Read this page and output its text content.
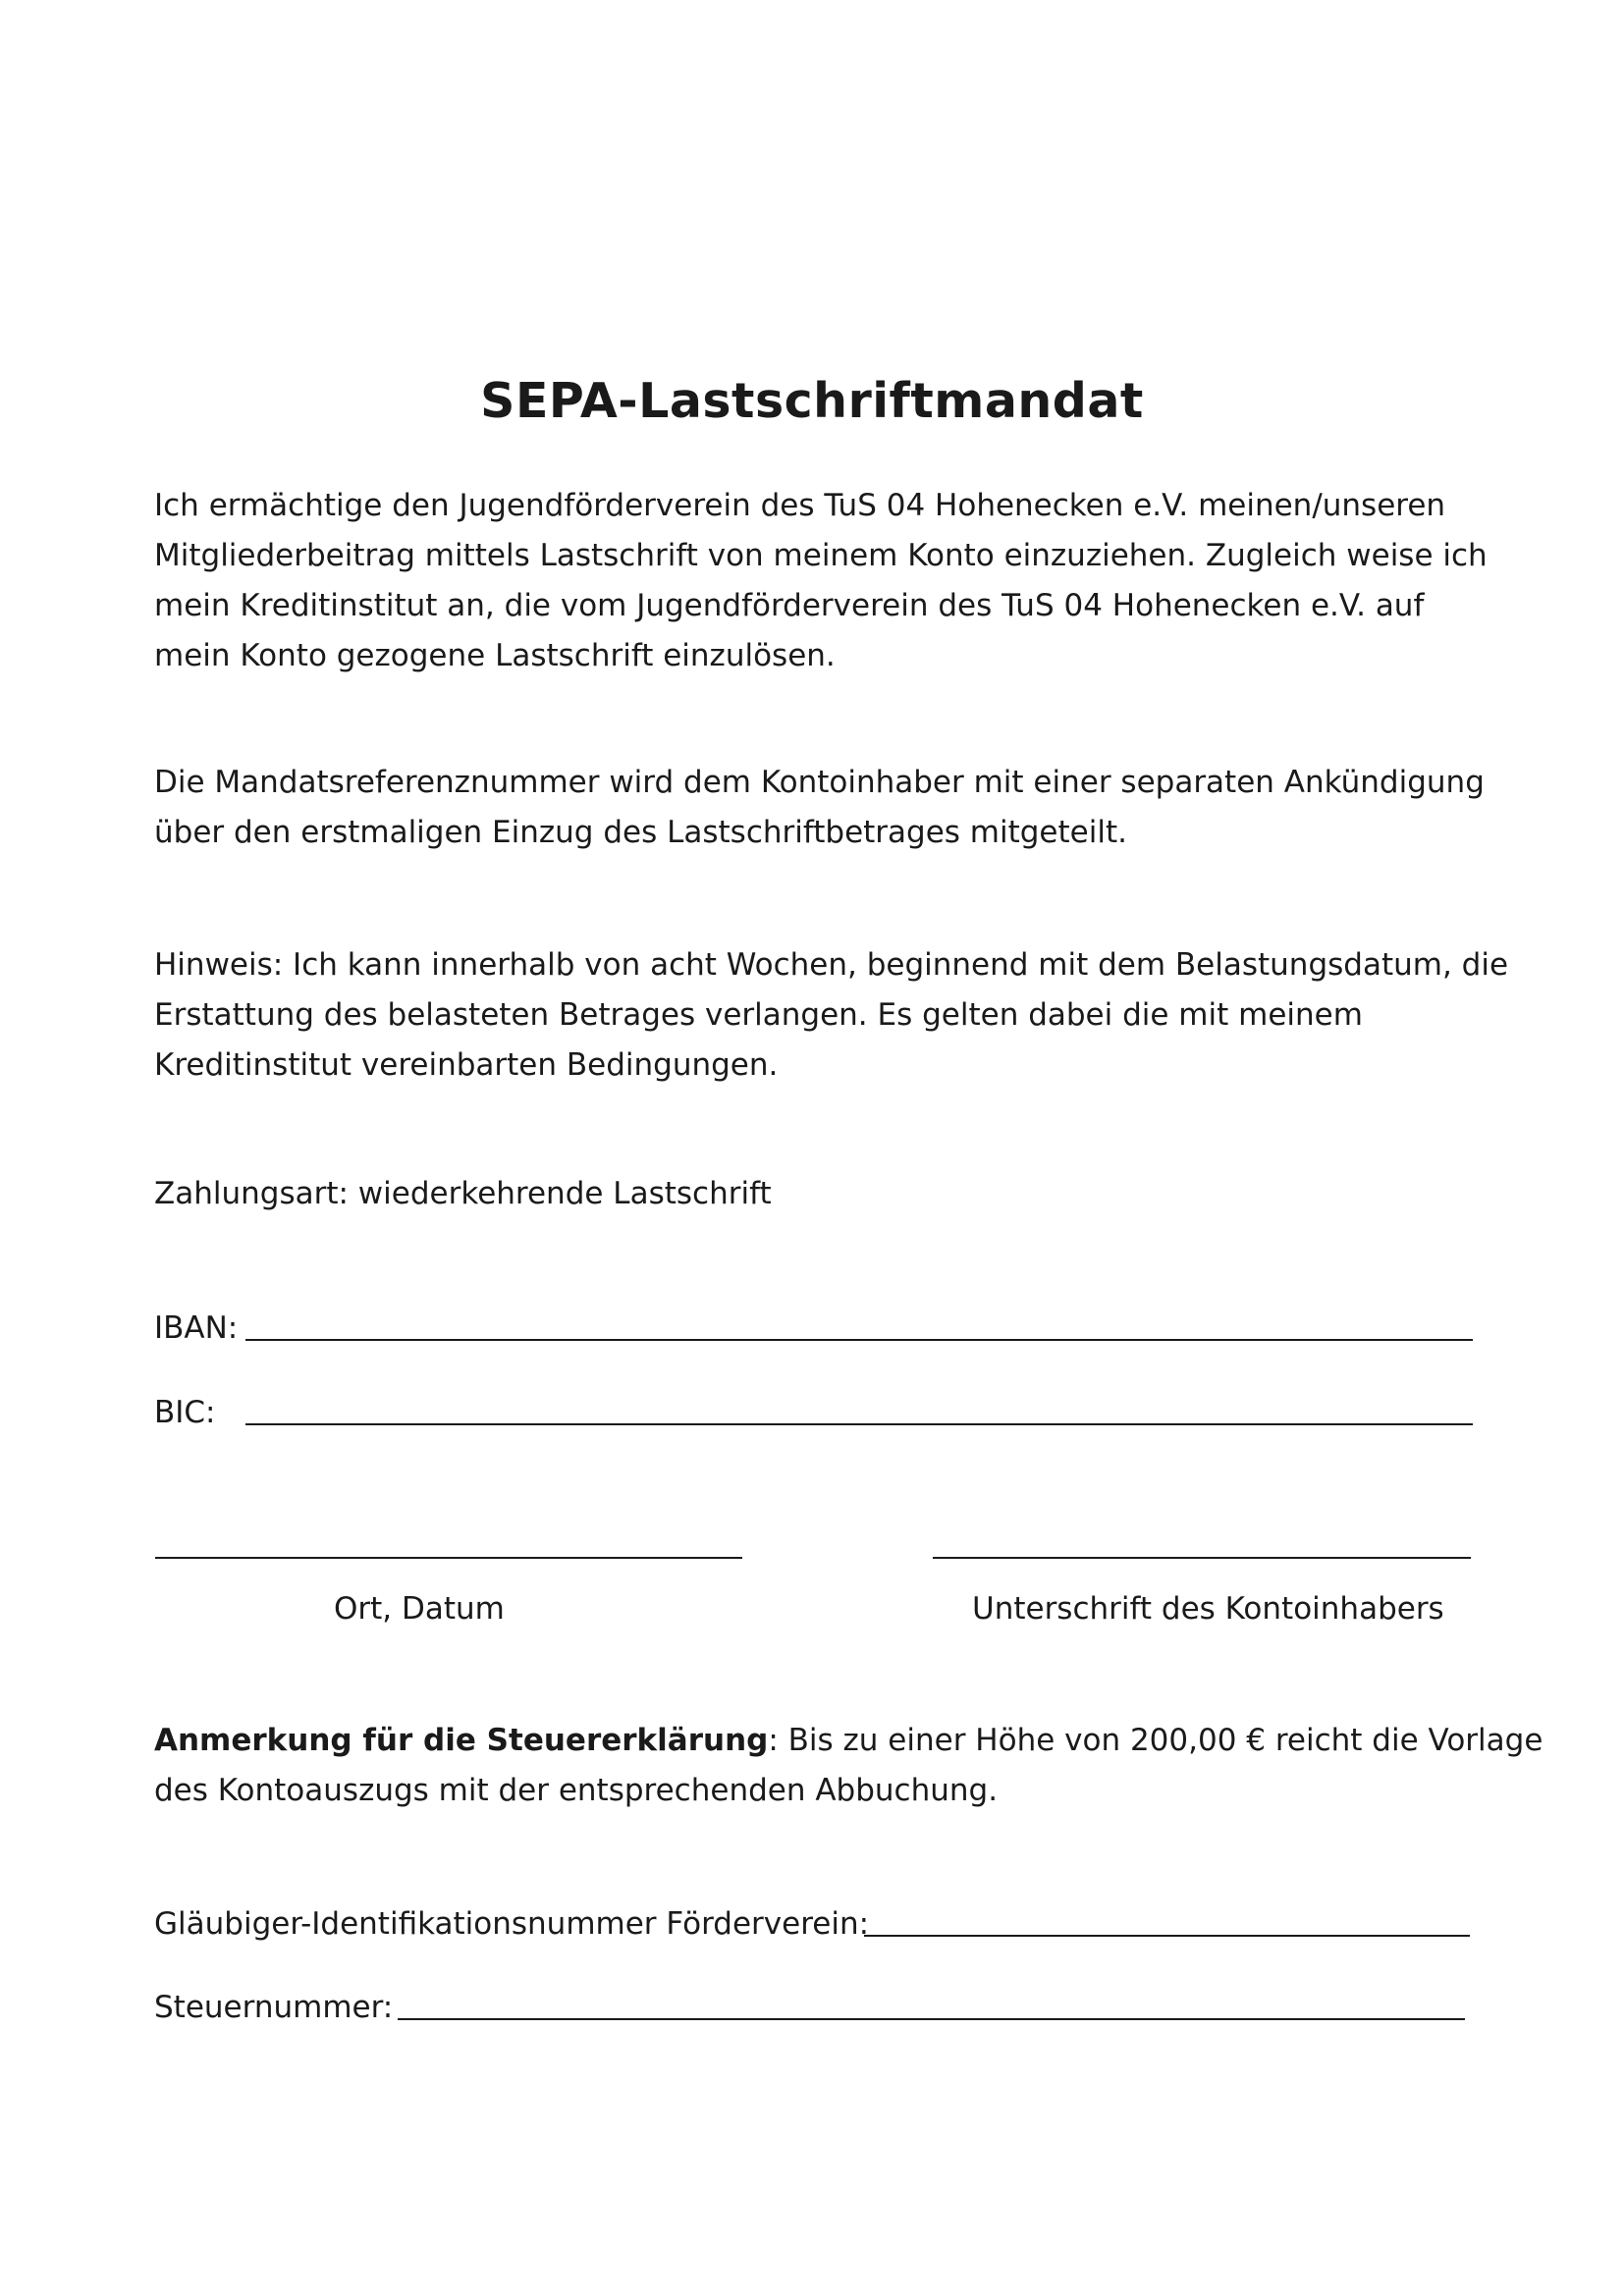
SEPA-Lastschriftmandat
Ich ermächtige den Jugendförderverein des TuS 04 Hohenecken e.V. meinen/unseren
Mitgliederbeitrag mittels Lastschrift von meinem Konto einzuziehen. Zugleich weise ich
mein Kreditinstitut an, die vom Jugendförderverein des TuS 04 Hohenecken e.V. auf
mein Konto gezogene Lastschrift einzulösen.
Die Mandatsreferenznummer wird dem Kontoinhaber mit einer separaten Ankündigung
über den erstmaligen Einzug des Lastschriftbetrages mitgeteilt.
Hinweis: Ich kann innerhalb von acht Wochen, beginnend mit dem Belastungsdatum, die
Erstattung des belasteten Betrages verlangen. Es gelten dabei die mit meinem
Kreditinstitut vereinbarten Bedingungen.
Zahlungsart: wiederkehrende Lastschrift
IBAN:
BIC:
Ort, Datum	Unterschrift des Kontoinhabers
Anmerkung für die Steuererklärung: Bis zu einer Höhe von 200,00 € reicht die Vorlage
des Kontoauszugs mit der entsprechenden Abbuchung.
Gläubiger-Identifikationsnummer Förderverein:
Steuernummer:
